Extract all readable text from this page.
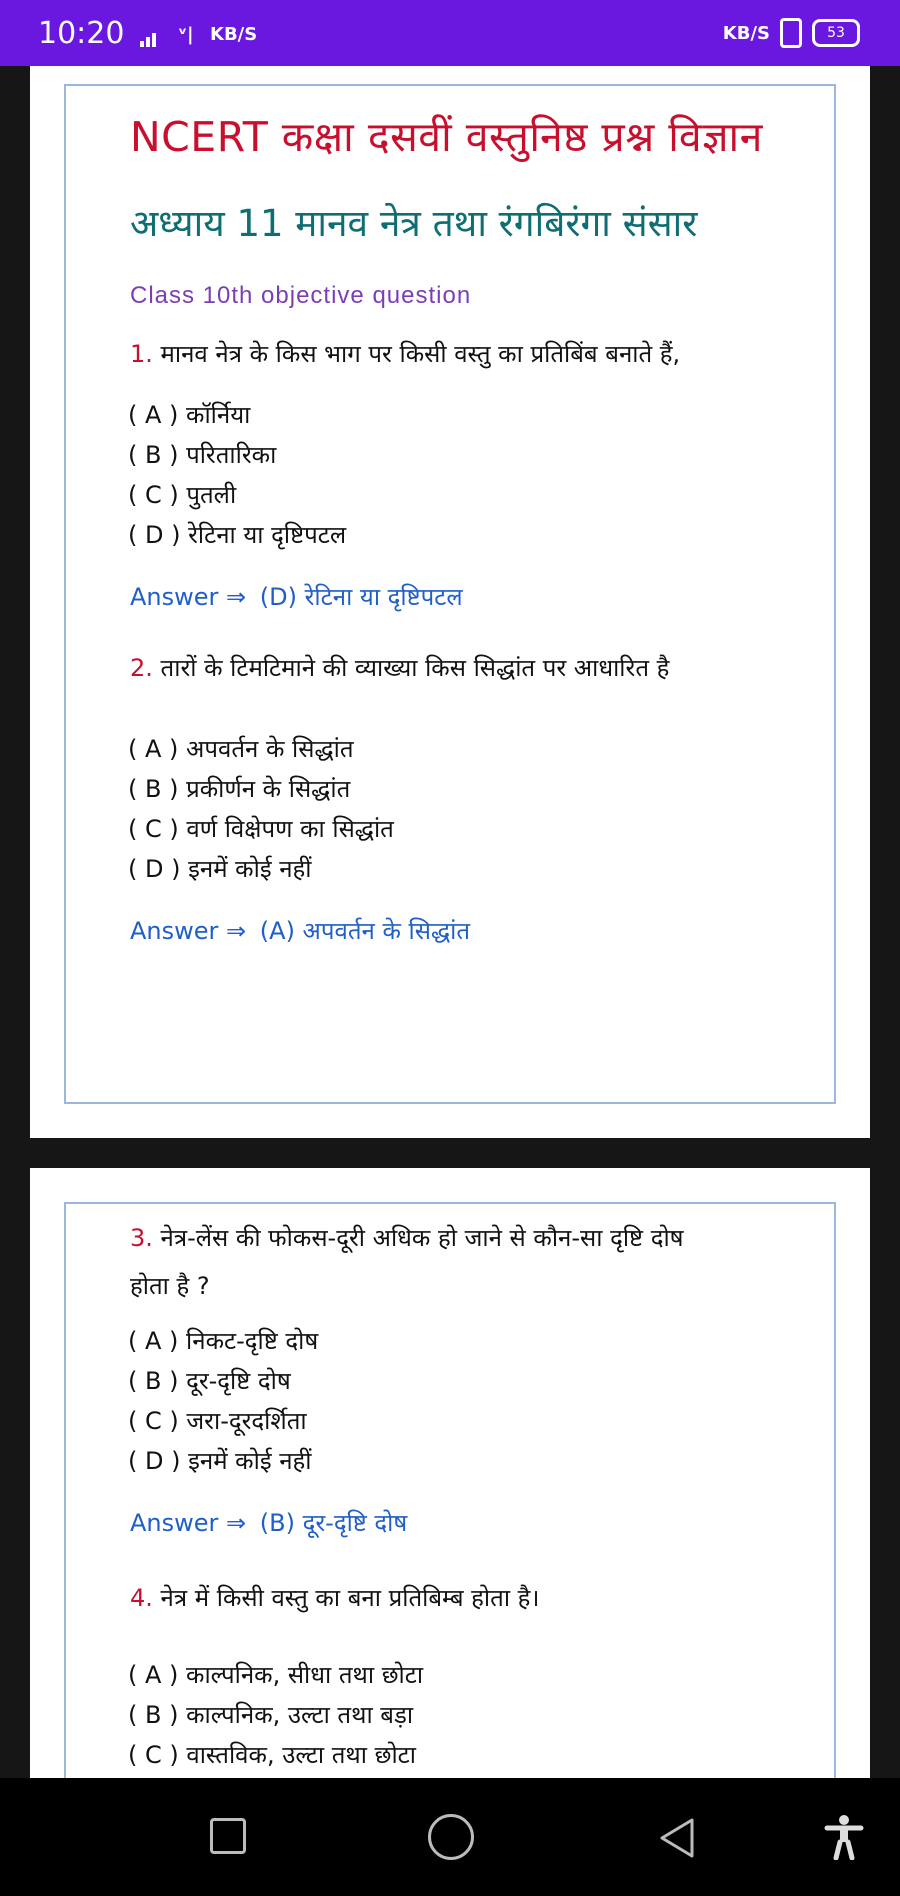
10:20	ᵛ| KB/S	KB/S	53
NCERT कक्षा दसवीं वस्तुनिष्ठ प्रश्न विज्ञान
अध्याय 11 मानव नेत्र तथा रंगबिरंगा संसार
Class 10th objective question
1. मानव नेत्र के किस भाग पर किसी वस्तु का प्रतिबिंब बनाते हैं,
( A ) कॉर्निया
( B ) परितारिका
( C ) पुतली
( D ) रेटिना या दृष्टिपटल
Answer ⇒ (D) रेटिना या दृष्टिपटल
2. तारों के टिमटिमाने की व्याख्या किस सिद्धांत पर आधारित है
( A ) अपवर्तन के सिद्धांत
( B ) प्रकीर्णन के सिद्धांत
( C ) वर्ण विक्षेपण का सिद्धांत
( D ) इनमें कोई नहीं
Answer ⇒ (A) अपवर्तन के सिद्धांत
3. नेत्र-लेंस की फोकस-दूरी अधिक हो जाने से कौन-सा दृष्टि दोष
होता है ?
( A ) निकट-दृष्टि दोष
( B ) दूर-दृष्टि दोष
( C ) जरा-दूरदर्शिता
( D ) इनमें कोई नहीं
Answer ⇒ (B) दूर-दृष्टि दोष
4. नेत्र में किसी वस्तु का बना प्रतिबिम्ब होता है।
( A ) काल्पनिक, सीधा तथा छोटा
( B ) काल्पनिक, उल्टा तथा बड़ा
( C ) वास्तविक, उल्टा तथा छोटा
